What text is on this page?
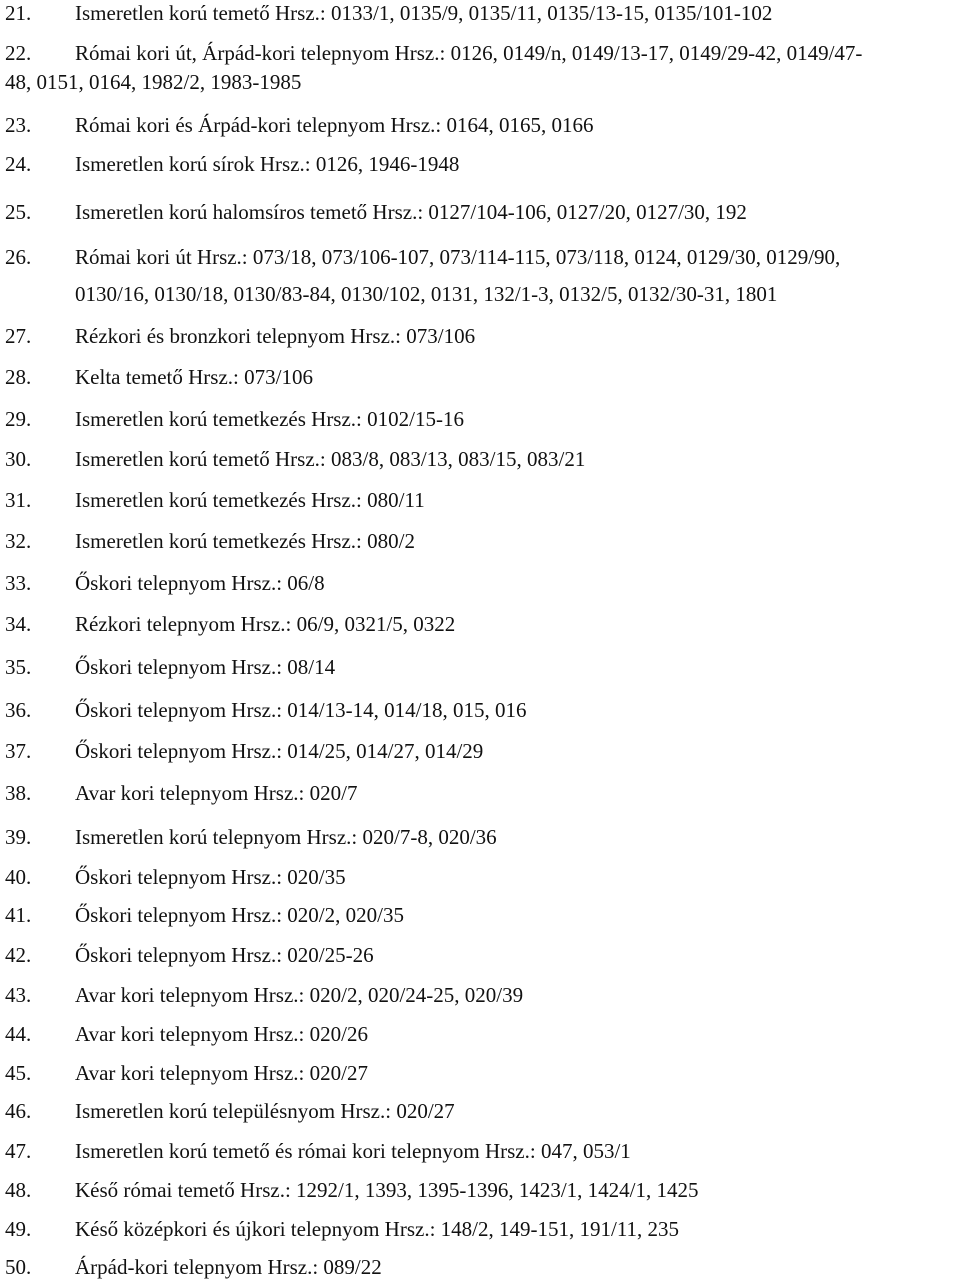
21. Ismeretlen korú temető Hrsz.: 0133/1, 0135/9, 0135/11, 0135/13-15, 0135/101-102
22. Római kori út, Árpád-kori telepnyom Hrsz.: 0126, 0149/n, 0149/13-17, 0149/29-42, 0149/47-
48, 0151, 0164, 1982/2, 1983-1985
23. Római kori és Árpád-kori telepnyom Hrsz.: 0164, 0165, 0166
24. Ismeretlen korú sírok Hrsz.: 0126, 1946-1948
25. Ismeretlen korú halomsíros temető Hrsz.: 0127/104-106, 0127/20, 0127/30, 192
26. Római kori út Hrsz.: 073/18, 073/106-107, 073/114-115, 073/118, 0124, 0129/30, 0129/90,
0130/16, 0130/18, 0130/83-84, 0130/102, 0131, 132/1-3, 0132/5, 0132/30-31, 1801
27. Rézkori és bronzkori telepnyom Hrsz.: 073/106
28. Kelta temető Hrsz.: 073/106
29. Ismeretlen korú temetkezés Hrsz.: 0102/15-16
30. Ismeretlen korú temető Hrsz.: 083/8, 083/13, 083/15, 083/21
31. Ismeretlen korú temetkezés Hrsz.: 080/11
32. Ismeretlen korú temetkezés Hrsz.: 080/2
33. Őskori telepnyom Hrsz.: 06/8
34. Rézkori telepnyom Hrsz.: 06/9, 0321/5, 0322
35. Őskori telepnyom Hrsz.: 08/14
36. Őskori telepnyom Hrsz.: 014/13-14, 014/18, 015, 016
37. Őskori telepnyom Hrsz.: 014/25, 014/27, 014/29
38. Avar kori telepnyom Hrsz.: 020/7
39. Ismeretlen korú telepnyom Hrsz.: 020/7-8, 020/36
40. Őskori telepnyom Hrsz.: 020/35
41. Őskori telepnyom Hrsz.: 020/2, 020/35
42. Őskori telepnyom Hrsz.: 020/25-26
43. Avar kori telepnyom Hrsz.: 020/2, 020/24-25, 020/39
44. Avar kori telepnyom Hrsz.: 020/26
45. Avar kori telepnyom Hrsz.: 020/27
46. Ismeretlen korú településnyom Hrsz.: 020/27
47. Ismeretlen korú temető és római kori telepnyom Hrsz.: 047, 053/1
48. Késő római temető Hrsz.: 1292/1, 1393, 1395-1396, 1423/1, 1424/1, 1425
49. Késő középkori és újkori telepnyom Hrsz.: 148/2, 149-151, 191/11, 235
50. Árpád-kori telepnyom Hrsz.: 089/22
